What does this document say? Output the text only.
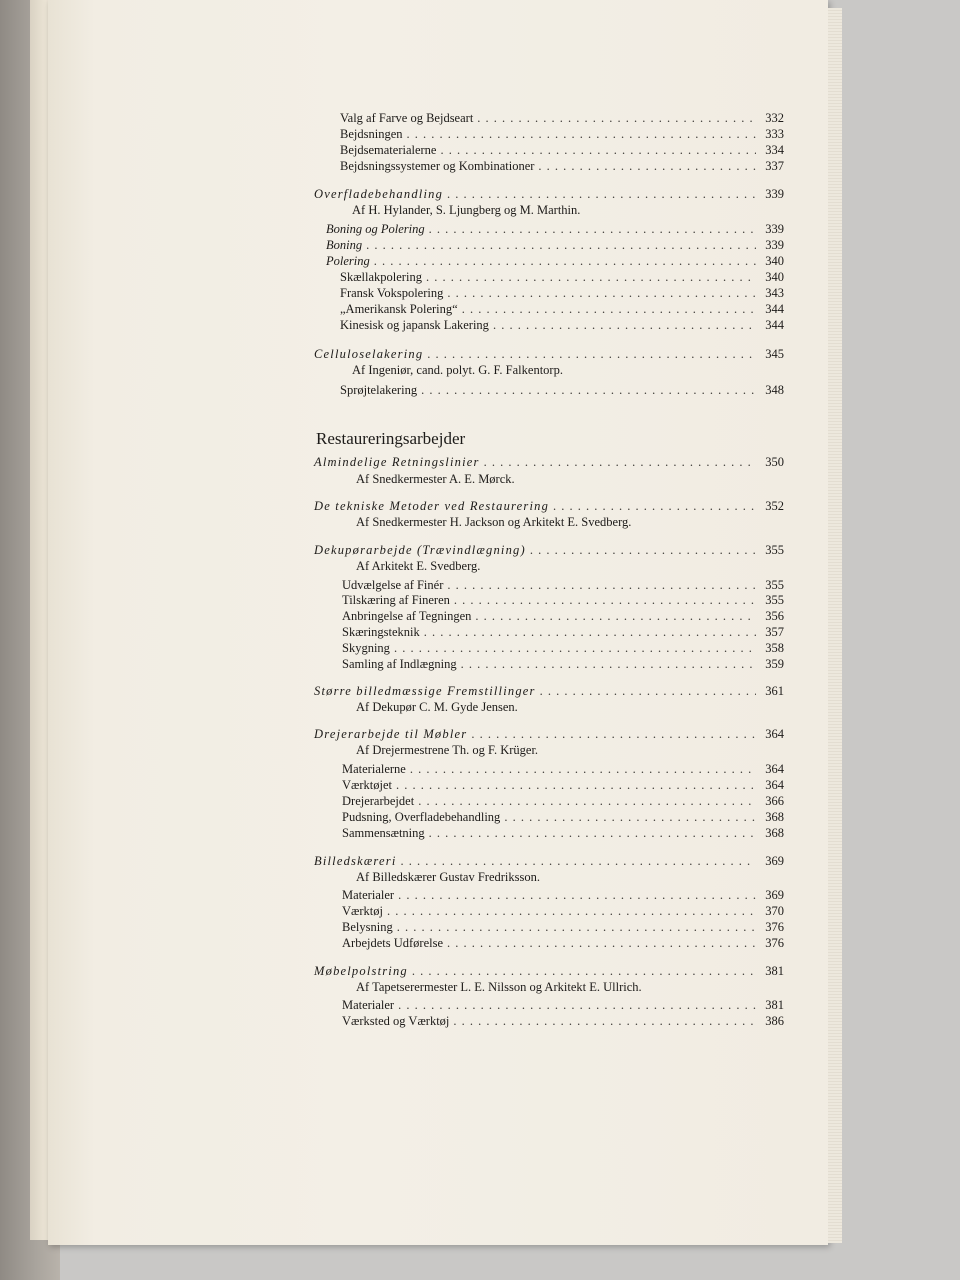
Valg af Farve og Bejdseart . . .	332
Bejdsningen . . .	333
Bejdsematerialerne . . .	334
Bejdsningssystemer og Kombinationer . . .	337
Overfladebehandling . . .	339
Af H. Hylander, S. Ljungberg og M. Marthin.
Boning og Polering . . .	339
Boning . . .	339
Polering . . .	340
Skællakpolering . . .	340
Fransk Vokspolering . . .	343
„Amerikansk Polering“ . . .	344
Kinesisk og japansk Lakering . . .	344
Celluloselakering . . .	345
Af Ingeniør, cand. polyt. G. F. Falkentorp.
Sprøjtelakering . . .	348
Restaureringsarbejder
Almindelige Retningslinier . . .	350
Af Snedkermester A. E. Mørck.
De tekniske Metoder ved Restaurering . . .	352
Af Snedkermester H. Jackson og Arkitekt E. Svedberg.
Dekupørarbejde (Trævindlægning) . . .	355
Af Arkitekt E. Svedberg.
Udvælgelse af Finér . . .	355
Tilskæring af Fineren . . .	355
Anbringelse af Tegningen . . .	356
Skæringsteknik . . .	357
Skygning . . .	358
Samling af Indlægning . . .	359
Større billedmæssige Fremstillinger . . .	361
Af Dekupør C. M. Gyde Jensen.
Drejerarbejde til Møbler . . .	364
Af Drejermestrene Th. og F. Krüger.
Materialerne . . .	364
Værktøjet . . .	364
Drejerarbejdet . . .	366
Pudsning, Overfladebehandling . . .	368
Sammensætning . . .	368
Billedskæreri . . .	369
Af Billedskærer Gustav Fredriksson.
Materialer . . .	369
Værktøj . . .	370
Belysning . . .	376
Arbejdets Udførelse . . .	376
Møbelpolstring . . .	381
Af Tapetserermester L. E. Nilsson og Arkitekt E. Ullrich.
Materialer . . .	381
Værksted og Værktøj . . .	386
